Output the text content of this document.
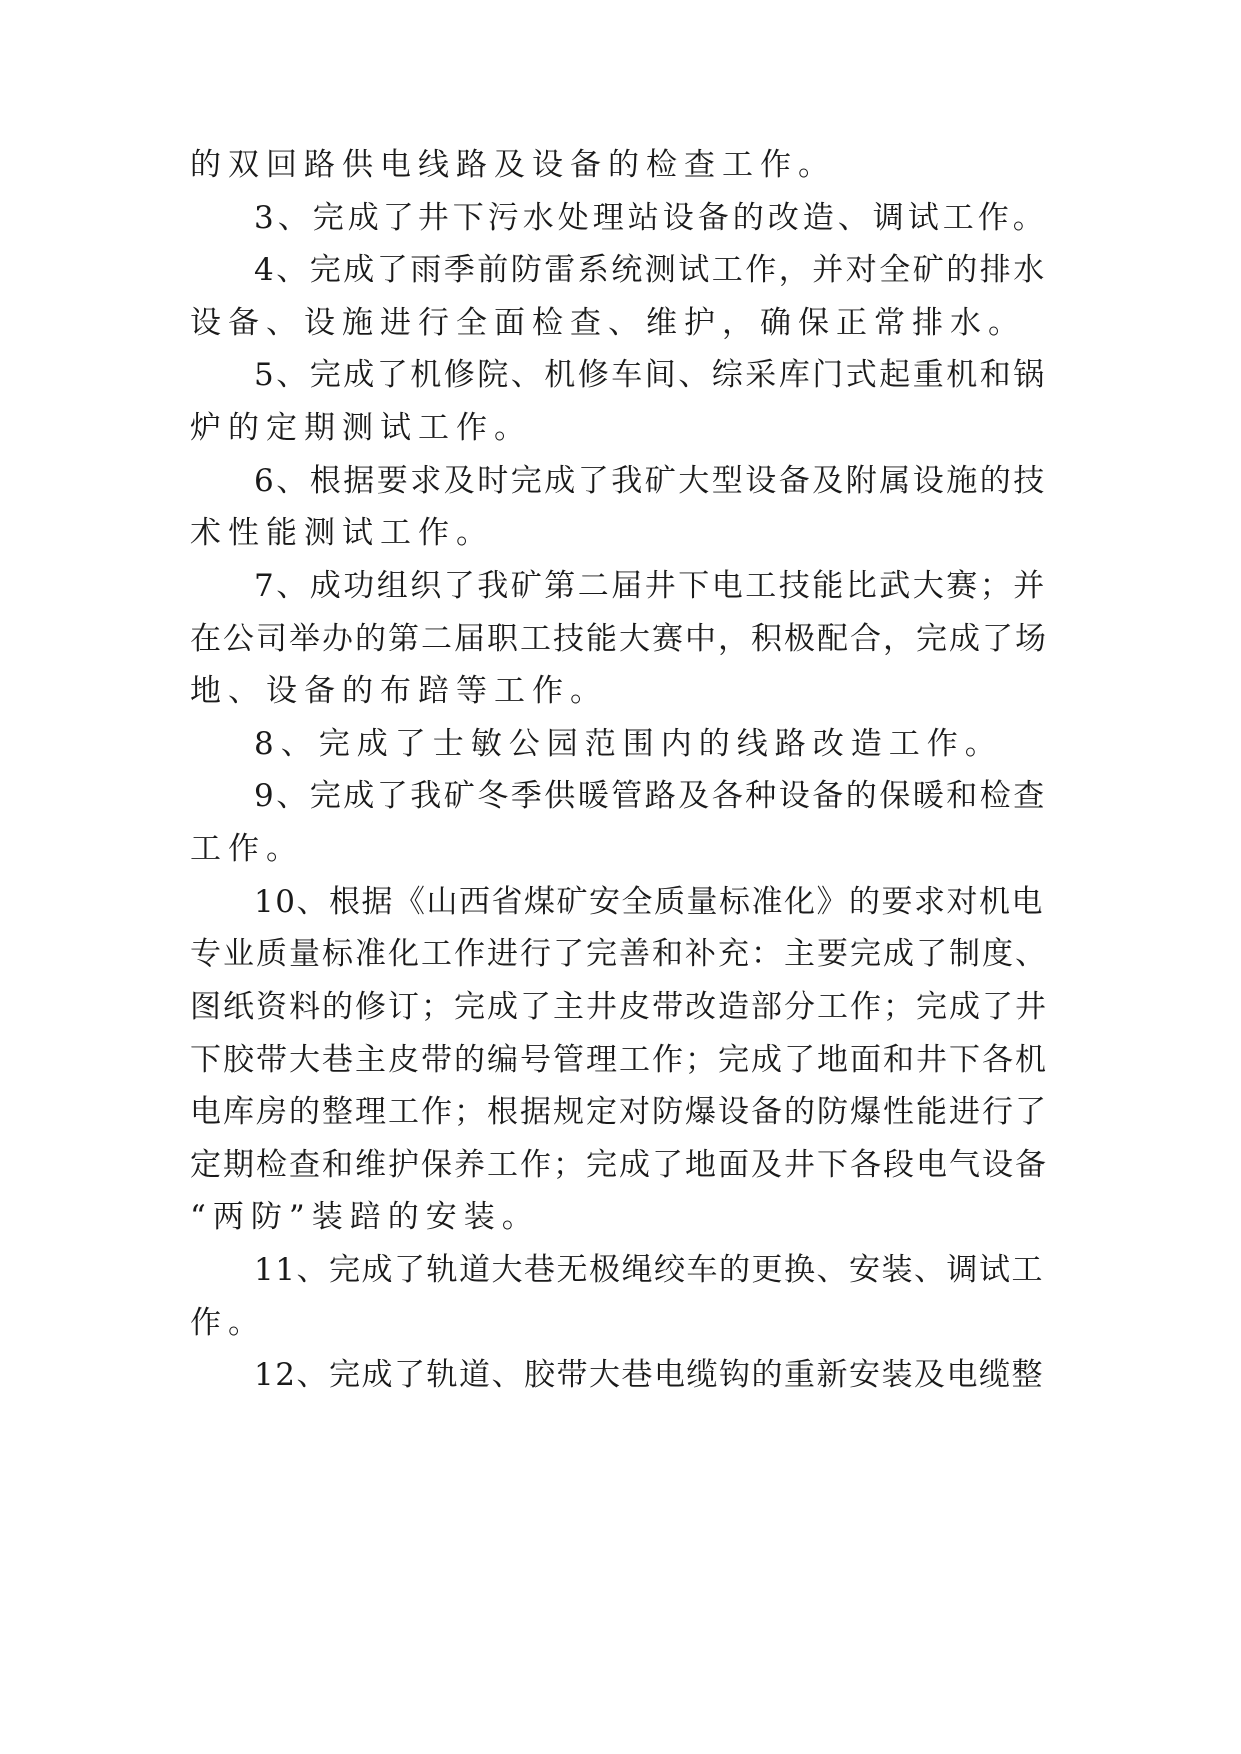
的双回路供电线路及设备的检查工作。
3、完成了井下污水处理站设备的改造、调试工作。
4、完成了雨季前防雷系统测试工作，并对全矿的排水
设备、设施进行全面检查、维护，确保正常排水。
5、完成了机修院、机修车间、综采库门式起重机和锅
炉的定期测试工作。
6、根据要求及时完成了我矿大型设备及附属设施的技
术性能测试工作。
7、成功组织了我矿第二届井下电工技能比武大赛；并
在公司举办的第二届职工技能大赛中，积极配合，完成了场
地、设备的布踣等工作。
8、完成了士敏公园范围内的线路改造工作。
9、完成了我矿冬季供暖管路及各种设备的保暖和检查
工作。
10、根据《山西省煤矿安全质量标准化》的要求对机电
专业质量标准化工作进行了完善和补充：主要完成了制度、
图纸资料的修订；完成了主井皮带改造部分工作；完成了井
下胶带大巷主皮带的编号管理工作；完成了地面和井下各机
电库房的整理工作；根据规定对防爆设备的防爆性能进行了
定期检查和维护保养工作；完成了地面及井下各段电气设备
“两防”装踣的安装。
11、完成了轨道大巷无极绳绞车的更换、安装、调试工
作。
12、完成了轨道、胶带大巷电缆钩的重新安装及电缆整
